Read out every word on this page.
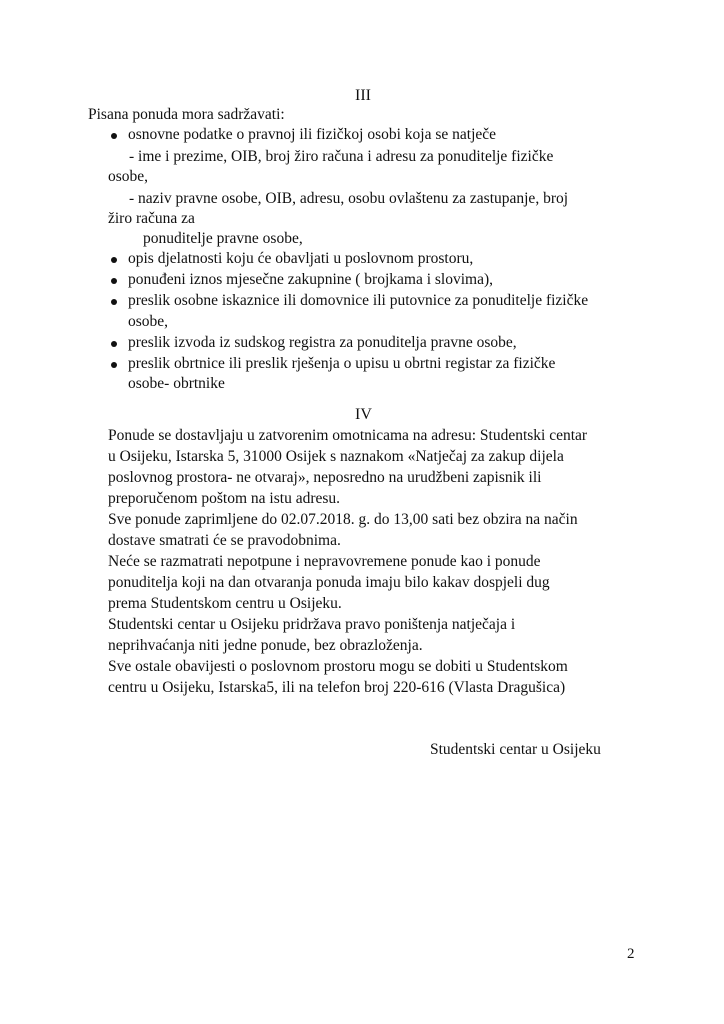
III
Pisana ponuda mora sadržavati:
osnovne podatke o pravnoj ili fizičkoj osobi koja se natječe
- ime i prezime, OIB, broj žiro računa i adresu za ponuditelje fizičke
osobe,
- naziv pravne osobe, OIB, adresu, osobu ovlaštenu za zastupanje, broj
žiro računa za
ponuditelje pravne osobe,
opis djelatnosti koju će obavljati u poslovnom prostoru,
ponuđeni iznos mjesečne zakupnine ( brojkama i slovima),
preslik osobne iskaznice ili domovnice ili putovnice za ponuditelje fizičke
osobe,
preslik izvoda iz sudskog registra za ponuditelja pravne osobe,
preslik obrtnice ili preslik rješenja o upisu u obrtni registar za fizičke
osobe- obrtnike
IV
Ponude se dostavljaju u zatvorenim omotnicama na adresu: Studentski centar
u Osijeku, Istarska 5, 31000 Osijek s naznakom «Natječaj za zakup dijela
poslovnog prostora- ne otvaraj», neposredno na urudžbeni zapisnik ili
preporučenom poštom na istu adresu.
Sve ponude zaprimljene do 02.07.2018. g. do 13,00 sati bez obzira na način
dostave smatrati će se pravodobnima.
Neće se razmatrati nepotpune i nepravovremene ponude kao i ponude
ponuditelja koji na dan otvaranja ponuda imaju bilo kakav dospjeli dug
prema Studentskom centru u Osijeku.
Studentski centar u Osijeku pridržava pravo poništenja natječaja i
neprihvaćanja niti jedne ponude, bez obrazloženja.
Sve ostale obavijesti o poslovnom prostoru mogu se dobiti u Studentskom
centru u Osijeku, Istarska5, ili na telefon broj 220-616 (Vlasta Dragušica)
Studentski centar u Osijeku
2
